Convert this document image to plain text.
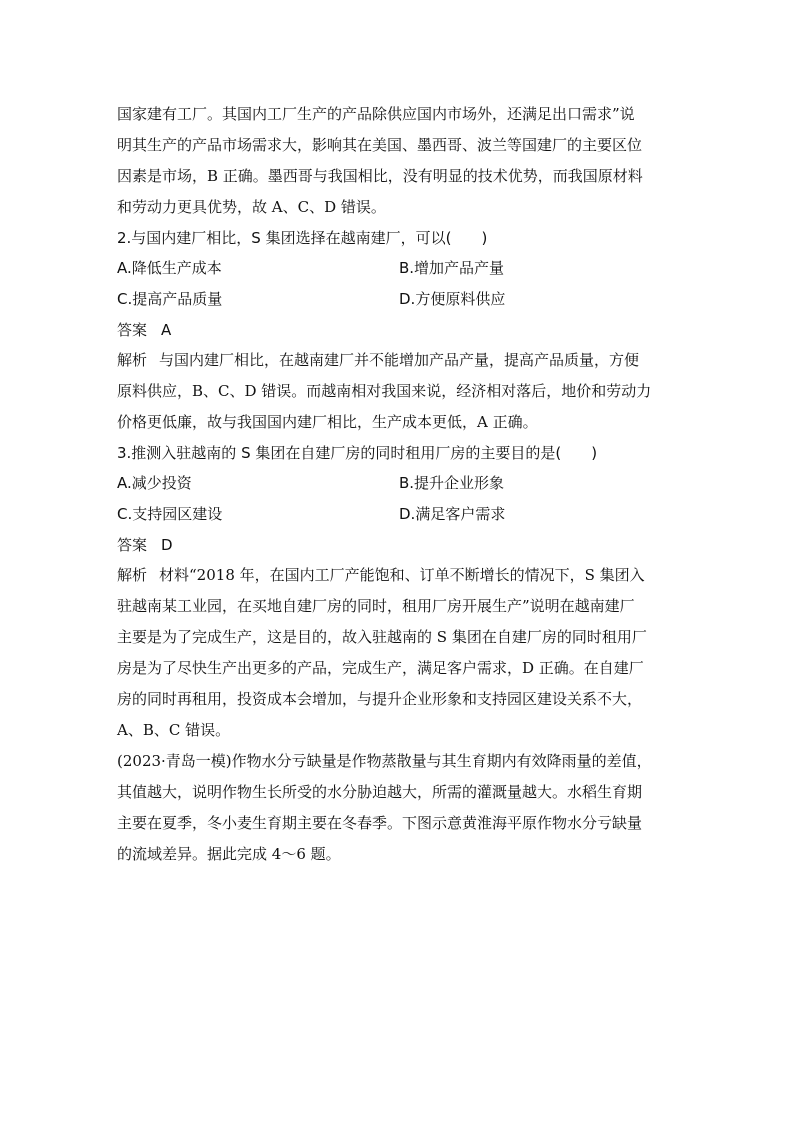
国家建有工厂。其国内工厂生产的产品除供应国内市场外，还满足出口需求”说
明其生产的产品市场需求大，影响其在美国、墨西哥、波兰等国建厂的主要区位
因素是市场，B 正确。墨西哥与我国相比，没有明显的技术优势，而我国原材料
和劳动力更具优势，故 A、C、D 错误。

2.与国内建厂相比，S 集团选择在越南建厂，可以( )

A.降低生产成本	B.增加产品产量
C.提高产品质量	D.方便原料供应

答案 A

解析 与国内建厂相比，在越南建厂并不能增加产品产量，提高产品质量，方便
原料供应，B、C、D 错误。而越南相对我国来说，经济相对落后，地价和劳动力
价格更低廉，故与我国国内建厂相比，生产成本更低，A 正确。

3.推测入驻越南的 S 集团在自建厂房的同时租用厂房的主要目的是( )

A.减少投资	B.提升企业形象
C.支持园区建设	D.满足客户需求

答案 D

解析 材料“2018 年，在国内工厂产能饱和、订单不断增长的情况下，S 集团入
驻越南某工业园，在买地自建厂房的同时，租用厂房开展生产”说明在越南建厂
主要是为了完成生产，这是目的，故入驻越南的 S 集团在自建厂房的同时租用厂
房是为了尽快生产出更多的产品，完成生产，满足客户需求，D 正确。在自建厂
房的同时再租用，投资成本会增加，与提升企业形象和支持园区建设关系不大，
A、B、C 错误。

(2023·青岛一模)作物水分亏缺量是作物蒸散量与其生育期内有效降雨量的差值，
其值越大，说明作物生长所受的水分胁迫越大，所需的灌溉量越大。水稻生育期
主要在夏季，冬小麦生育期主要在冬春季。下图示意黄淮海平原作物水分亏缺量
的流域差异。据此完成 4～6 题。
